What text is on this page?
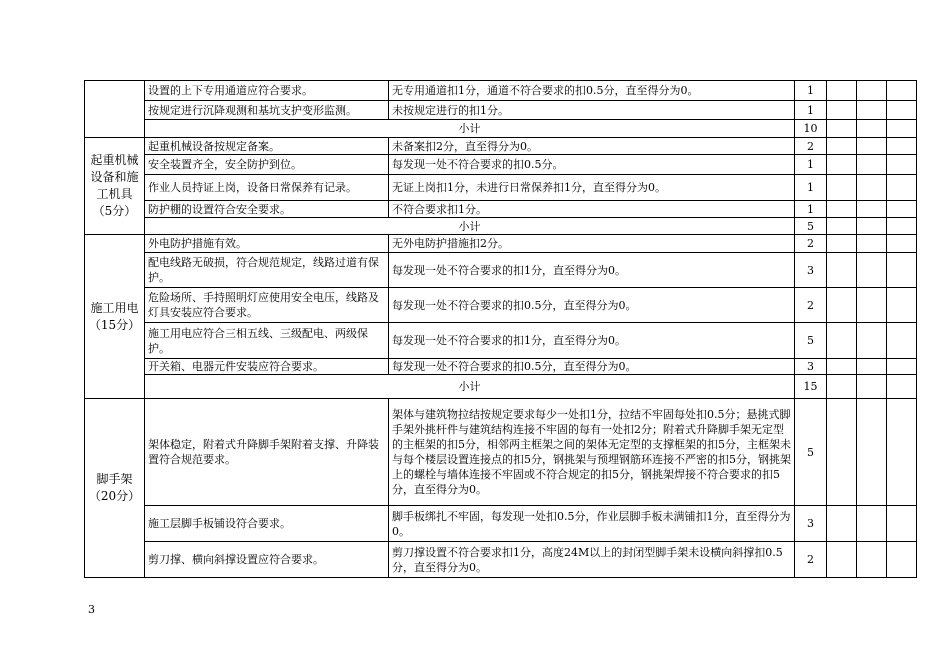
	设置的上下专用通道应符合要求。	无专用通道扣1分，通道不符合要求的扣0.5分，直至得分为0。	1			
	按规定进行沉降观测和基坑支护变形监测。	未按规定进行的扣1分。	1			
	小计		10			
起重机械设备和施工机具（5分）	起重机械设备按规定备案。	未备案扣2分，直至得分为0。	2			
	安全装置齐全，安全防护到位。	每发现一处不符合要求的扣0.5分。	1			
	作业人员持证上岗，设备日常保养有记录。	无证上岗扣1分，未进行日常保养扣1分，直至得分为0。	1			
	防护棚的设置符合安全要求。	不符合要求扣1分。	1			
	小计		5			
施工用电（15分）	外电防护措施有效。	无外电防护措施扣2分。	2			
	配电线路无破损，符合规范规定，线路过道有保护。	每发现一处不符合要求的扣1分，直至得分为0。	3			
	危险场所、手持照明灯应使用安全电压，线路及灯具安装应符合要求。	每发现一处不符合要求的扣0.5分，直至得分为0。	2			
	施工用电应符合三相五线、三级配电、两级保护。	每发现一处不符合要求的扣1分，直至得分为0。	5			
	开关箱、电器元件安装应符合要求。	每发现一处不符合要求的扣0.5分，直至得分为0。	3			
	小计		15			
脚手架（20分）	架体稳定，附着式升降脚手架附着支撑、升降装置符合规范要求。	架体与建筑物拉结按规定要求每少一处扣1分，拉结不牢固每处扣0.5分；悬挑式脚手架外挑杆件与建筑结构连接不牢固的每有一处扣2分；附着式升降脚手架无定型的主框架的扣5分，相邻两主框架之间的架体无定型的支撑框架的扣5分，主框架未与每个楼层设置连接点的扣5分，钢挑架与预埋钢筋环连接不严密的扣5分，钢挑架上的螺栓与墙体连接不牢固或不符合规定的扣5分，钢挑架焊接不符合要求的扣5分，直至得分为0。	5			
	施工层脚手板铺设符合要求。	脚手板绑扎不牢固，每发现一处扣0.5分，作业层脚手板未满铺扣1分，直至得分为0。	3			
	剪刀撑、横向斜撑设置应符合要求。	剪刀撑设置不符合要求扣1分，高度24M以上的封闭型脚手架未设横向斜撑扣0.5分，直至得分为0。	2			
3
